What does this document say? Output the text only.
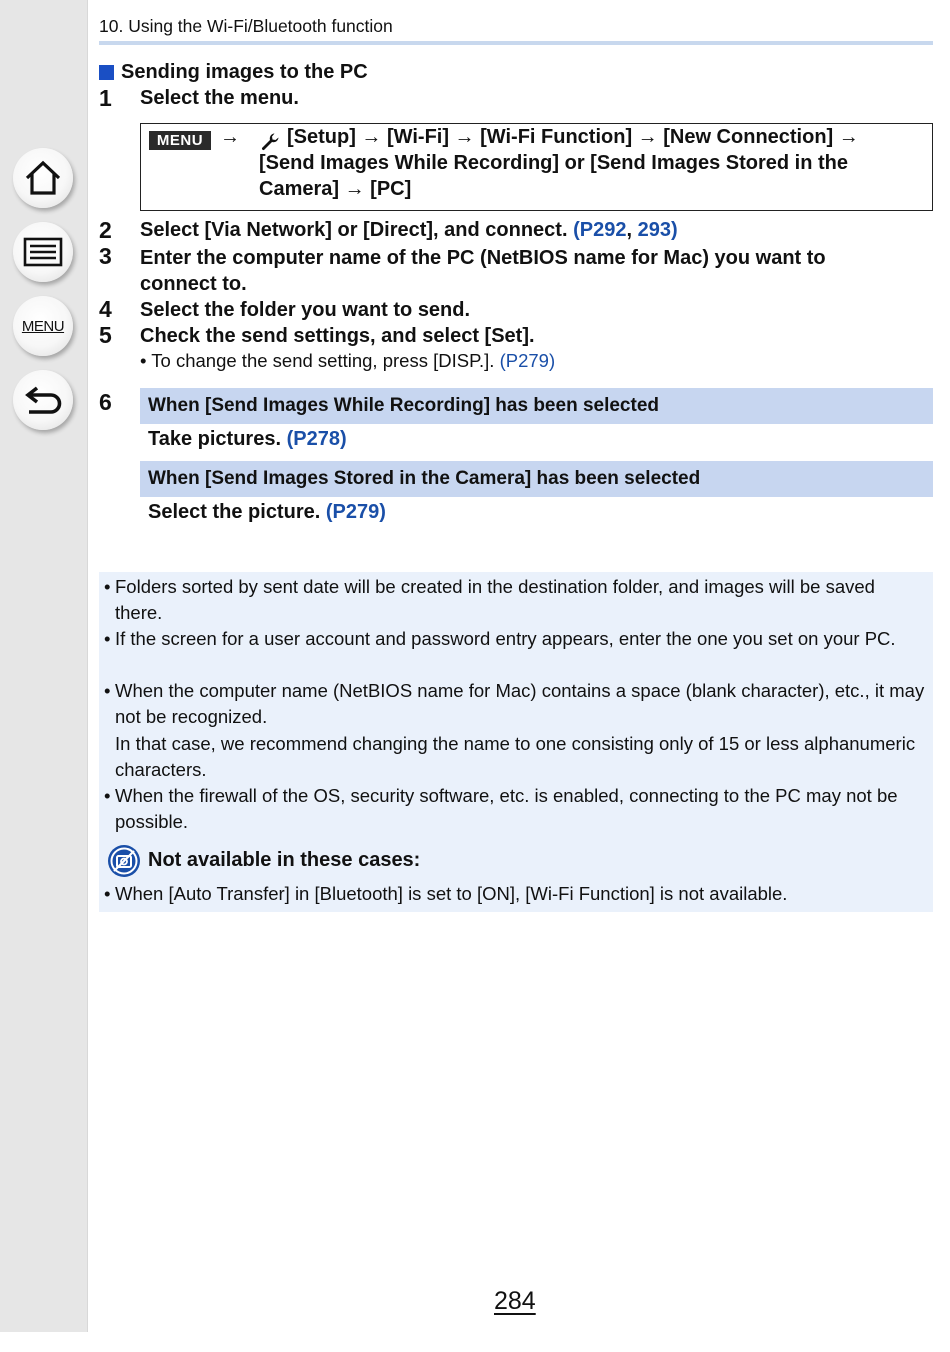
MENU
10. Using the Wi-Fi/Bluetooth function
Sending images to the PC
1 Select the menu.
MENU →	[Setup] → [Wi-Fi] → [Wi-Fi Function] → [New Connection] → [Send Images While Recording] or [Send Images Stored in the Camera] → [PC]
2 Select [Via Network] or [Direct], and connect. (P292, 293)
3 Enter the computer name of the PC (NetBIOS name for Mac) you want to connect to.
4 Select the folder you want to send.
5 Check the send settings, and select [Set].
• To change the send setting, press [DISP.]. (P279)
6	When [Send Images While Recording] has been selected
Take pictures. (P278)
When [Send Images Stored in the Camera] has been selected
Select the picture. (P279)
• Folders sorted by sent date will be created in the destination folder, and images will be saved there.
• If the screen for a user account and password entry appears, enter the one you set on your PC.
• When the computer name (NetBIOS name for Mac) contains a space (blank character), etc., it may not be recognized.
In that case, we recommend changing the name to one consisting only of 15 or less alphanumeric characters.
• When the firewall of the OS, security software, etc. is enabled, connecting to the PC may not be possible.
Not available in these cases:
• When [Auto Transfer] in [Bluetooth] is set to [ON], [Wi-Fi Function] is not available.
284
